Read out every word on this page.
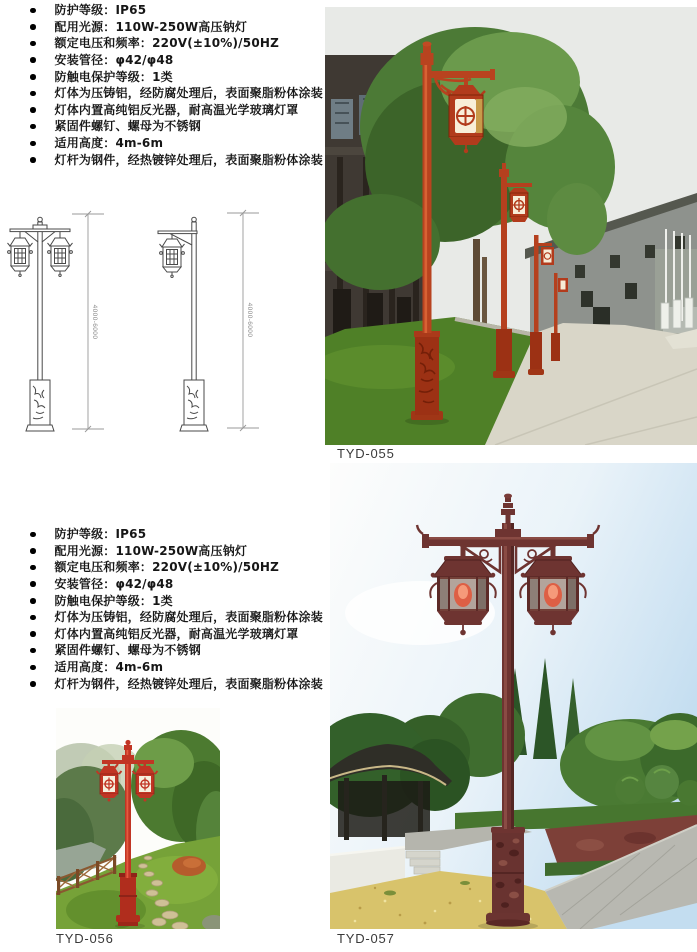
防护等级：IP65
配用光源：110W-250W高压钠灯
额定电压和频率：220V(±10%)/50HZ
安装管径：φ42/φ48
防触电保护等级：1类
灯体为压铸铝，经防腐处理后，表面聚脂粉体涂装
灯体内置高纯铝反光器，耐高温光学玻璃灯罩
紧固件螺钉、螺母为不锈钢
适用高度：4m-6m
灯杆为钢件，经热镀锌处理后，表面聚脂粉体涂装
4000-6000	4000-6000
TYD-055
防护等级：IP65
配用光源：110W-250W高压钠灯
额定电压和频率：220V(±10%)/50HZ
安装管径：φ42/φ48
防触电保护等级：1类
灯体为压铸铝，经防腐处理后，表面聚脂粉体涂装
灯体内置高纯铝反光器，耐高温光学玻璃灯罩
紧固件螺钉、螺母为不锈钢
适用高度：4m-6m
灯杆为钢件，经热镀锌处理后，表面聚脂粉体涂装
TYD-056	TYD-057
